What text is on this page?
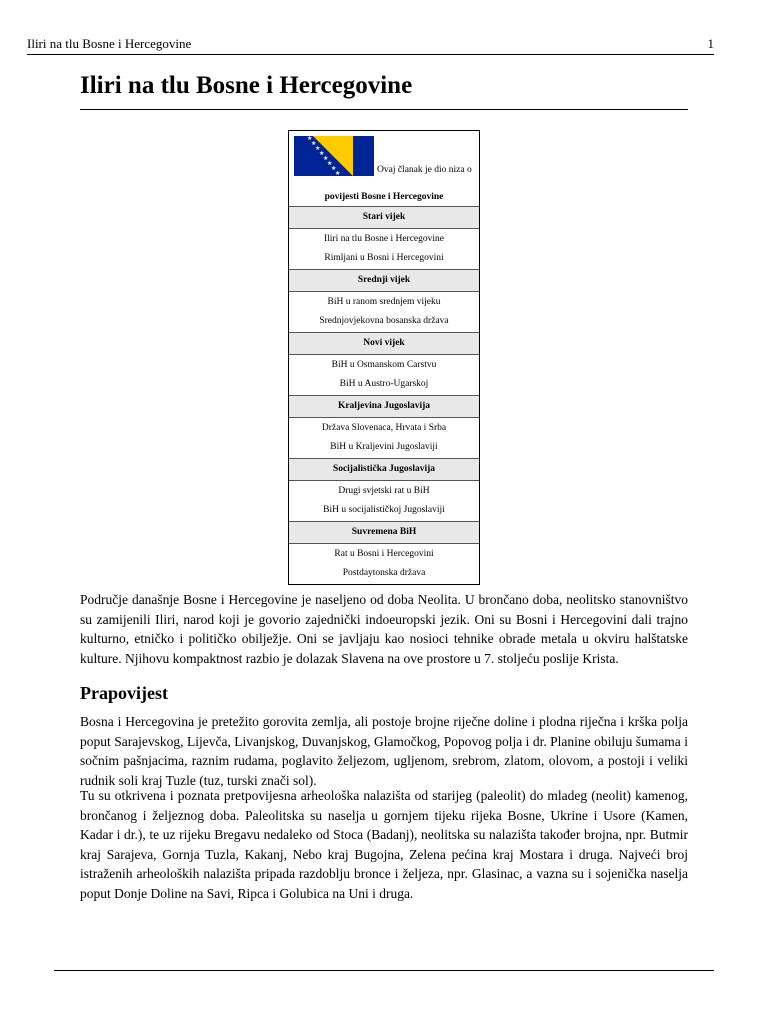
Iliri na tlu Bosne i Hercegovine	1
Iliri na tlu Bosne i Hercegovine
★
★
★
★
★
★
★
★	Ovaj članak je dio niza o
povijesti Bosne i Hercegovine
Stari vijek
Iliri na tlu Bosne i Hercegovine
Rimljani u Bosni i Hercegovini
Srednji vijek
BiH u ranom srednjem vijeku
Srednjovjekovna bosanska država
Novi vijek
BiH u Osmanskom Carstvu
BiH u Austro-Ugarskoj
Kraljevina Jugoslavija
Država Slovenaca, Hrvata i Srba
BiH u Kraljevini Jugoslaviji
Socijalistička Jugoslavija
Drugi svjetski rat u BiH
BiH u socijalističkoj Jugoslaviji
Suvremena BiH
Rat u Bosni i Hercegovini
Postdaytonska država

Područje današnje Bosne i Hercegovine je naseljeno od doba Neolita. U brončano doba, neolitsko stanovništvo su zamijenili Iliri, narod koji je govorio zajednički indoeuropski jezik. Oni su Bosni i Hercegovini dali trajno kulturno, etničko i političko obilježje. Oni se javljaju kao nosioci tehnike obrade metala u okviru halštatske kulture. Njihovu kompaktnost razbio je dolazak Slavena na ove prostore u 7. stoljeću poslije Krista.

Prapovijest

Bosna i Hercegovina je pretežito gorovita zemlja, ali postoje brojne riječne doline i plodna riječna i krška polja poput Sarajevskog, Lijevča, Livanjskog, Duvanjskog, Glamočkog, Popovog polja i dr. Planine obiluju šumama i sočnim pašnjacima, raznim rudama, poglavito željezom, ugljenom, srebrom, zlatom, olovom, a postoji i veliki rudnik soli kraj Tuzle (tuz, turski znači sol).

Tu su otkrivena i poznata pretpovijesna arheološka nalazišta od starijeg (paleolit) do mladeg (neolit) kamenog, brončanog i željeznog doba. Paleolitska su naselja u gornjem tijeku rijeka Bosne, Ukrine i Usore (Kamen, Kadar i dr.), te uz rijeku Bregavu nedaleko od Stoca (Badanj), neolitska su nalazišta također brojna, npr. Butmir kraj Sarajeva, Gornja Tuzla, Kakanj, Nebo kraj Bugojna, Zelena pećina kraj Mostara i druga. Najveći broj istraženih arheoloških nalazišta pripada razdoblju bronce i željeza, npr. Glasinac, a vazna su i sojenička naselja poput Donje Doline na Savi, Ripca i Golubica na Uni i druga.
